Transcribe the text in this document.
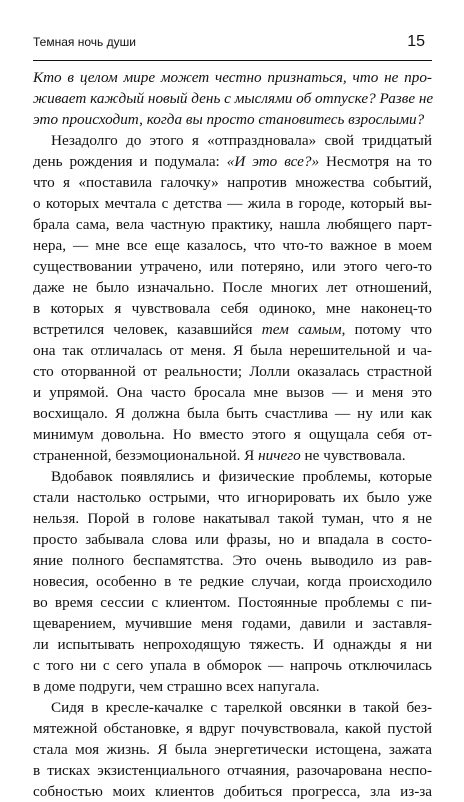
Темная ночь души	15
Кто в целом мире может честно признаться, что не про-
живает каждый новый день с мыслями об отпуске? Разве не
это происходит, когда вы просто становитесь взрослыми?
Незадолго до этого я «отпраздновала» свой тридцатый
день рождения и подумала: «И это все?» Несмотря на то
что я «поставила галочку» напротив множества событий,
о которых мечтала с детства — жила в городе, который вы-
брала сама, вела частную практику, нашла любящего парт-
нера, — мне все еще казалось, что что-то важное в моем
существовании утрачено, или потеряно, или этого чего-то
даже не было изначально. После многих лет отношений,
в которых я чувствовала себя одиноко, мне наконец-то
встретился человек, казавшийся тем самым, потому что
она так отличалась от меня. Я была нерешительной и ча-
сто оторванной от реальности; Лолли оказалась страстной
и упрямой. Она часто бросала мне вызов — и меня это
восхищало. Я должна была быть счастлива — ну или как
минимум довольна. Но вместо этого я ощущала себя от-
страненной, безэмоциональной. Я ничего не чувствовала.
Вдобавок появлялись и физические проблемы, которые
стали настолько острыми, что игнорировать их было уже
нельзя. Порой в голове накатывал такой туман, что я не
просто забывала слова или фразы, но и впадала в состо-
яние полного беспамятства. Это очень выводило из рав-
новесия, особенно в те редкие случаи, когда происходило
во время сессии с клиентом. Постоянные проблемы с пи-
щеварением, мучившие меня годами, давили и заставля-
ли испытывать непроходящую тяжесть. И однажды я ни
с того ни с сего упала в обморок — напрочь отключилась
в доме подруги, чем страшно всех напугала.
Сидя в кресле-качалке с тарелкой овсянки в такой без-
мятежной обстановке, я вдруг почувствовала, какой пустой
стала моя жизнь. Я была энергетически истощена, зажата
в тисках экзистенциального отчаяния, разочарована неспо-
собностью моих клиентов добиться прогресса, зла из-за
